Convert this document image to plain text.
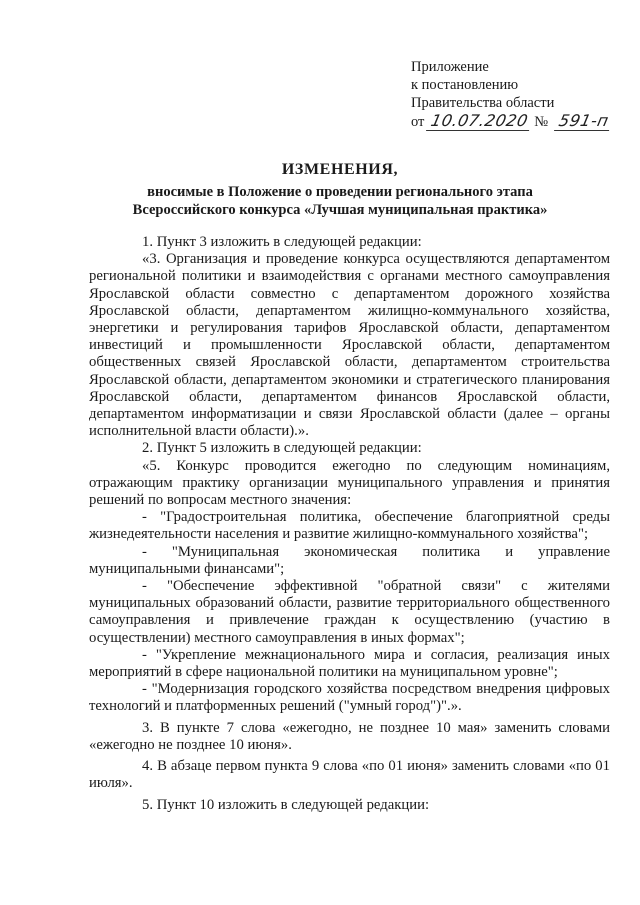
Приложение
к постановлению
Правительства области
от 10.07.2020 № 591-п
ИЗМЕНЕНИЯ,
вносимые в Положение о проведении регионального этапа
Всероссийского конкурса «Лучшая муниципальная практика»

1. Пункт 3 изложить в следующей редакции:

«3. Организация и проведение конкурса осуществляются департаментом региональной политики и взаимодействия с органами местного самоуправления Ярославской области совместно с департаментом дорожного хозяйства Ярославской области, департаментом жилищно-коммунального хозяйства, энергетики и регулирования тарифов Ярославской области, департаментом инвестиций и промышленности Ярославской области, департаментом общественных связей Ярославской области, департаментом строительства Ярославской области, департаментом экономики и стратегического планирования Ярославской области, департаментом финансов Ярославской области, департаментом информатизации и связи Ярославской области (далее – органы исполнительной власти области).».

2. Пункт 5 изложить в следующей редакции:

«5. Конкурс проводится ежегодно по следующим номинациям, отражающим практику организации муниципального управления и принятия решений по вопросам местного значения:

- "Градостроительная политика, обеспечение благоприятной среды жизнедеятельности населения и развитие жилищно-коммунального хозяйства";

- "Муниципальная экономическая политика и управление муниципальными финансами";

- "Обеспечение эффективной "обратной связи" с жителями муниципальных образований области, развитие территориального общественного самоуправления и привлечение граждан к осуществлению (участию в осуществлении) местного самоуправления в иных формах";

- "Укрепление межнационального мира и согласия, реализация иных мероприятий в сфере национальной политики на муниципальном уровне";

- "Модернизация городского хозяйства посредством внедрения цифровых технологий и платформенных решений ("умный город")".».

3. В пункте 7 слова «ежегодно, не позднее 10 мая» заменить словами «ежегодно не позднее 10 июня».

4. В абзаце первом пункта 9 слова «по 01 июня» заменить словами «по 01 июля».

5. Пункт 10 изложить в следующей редакции:
